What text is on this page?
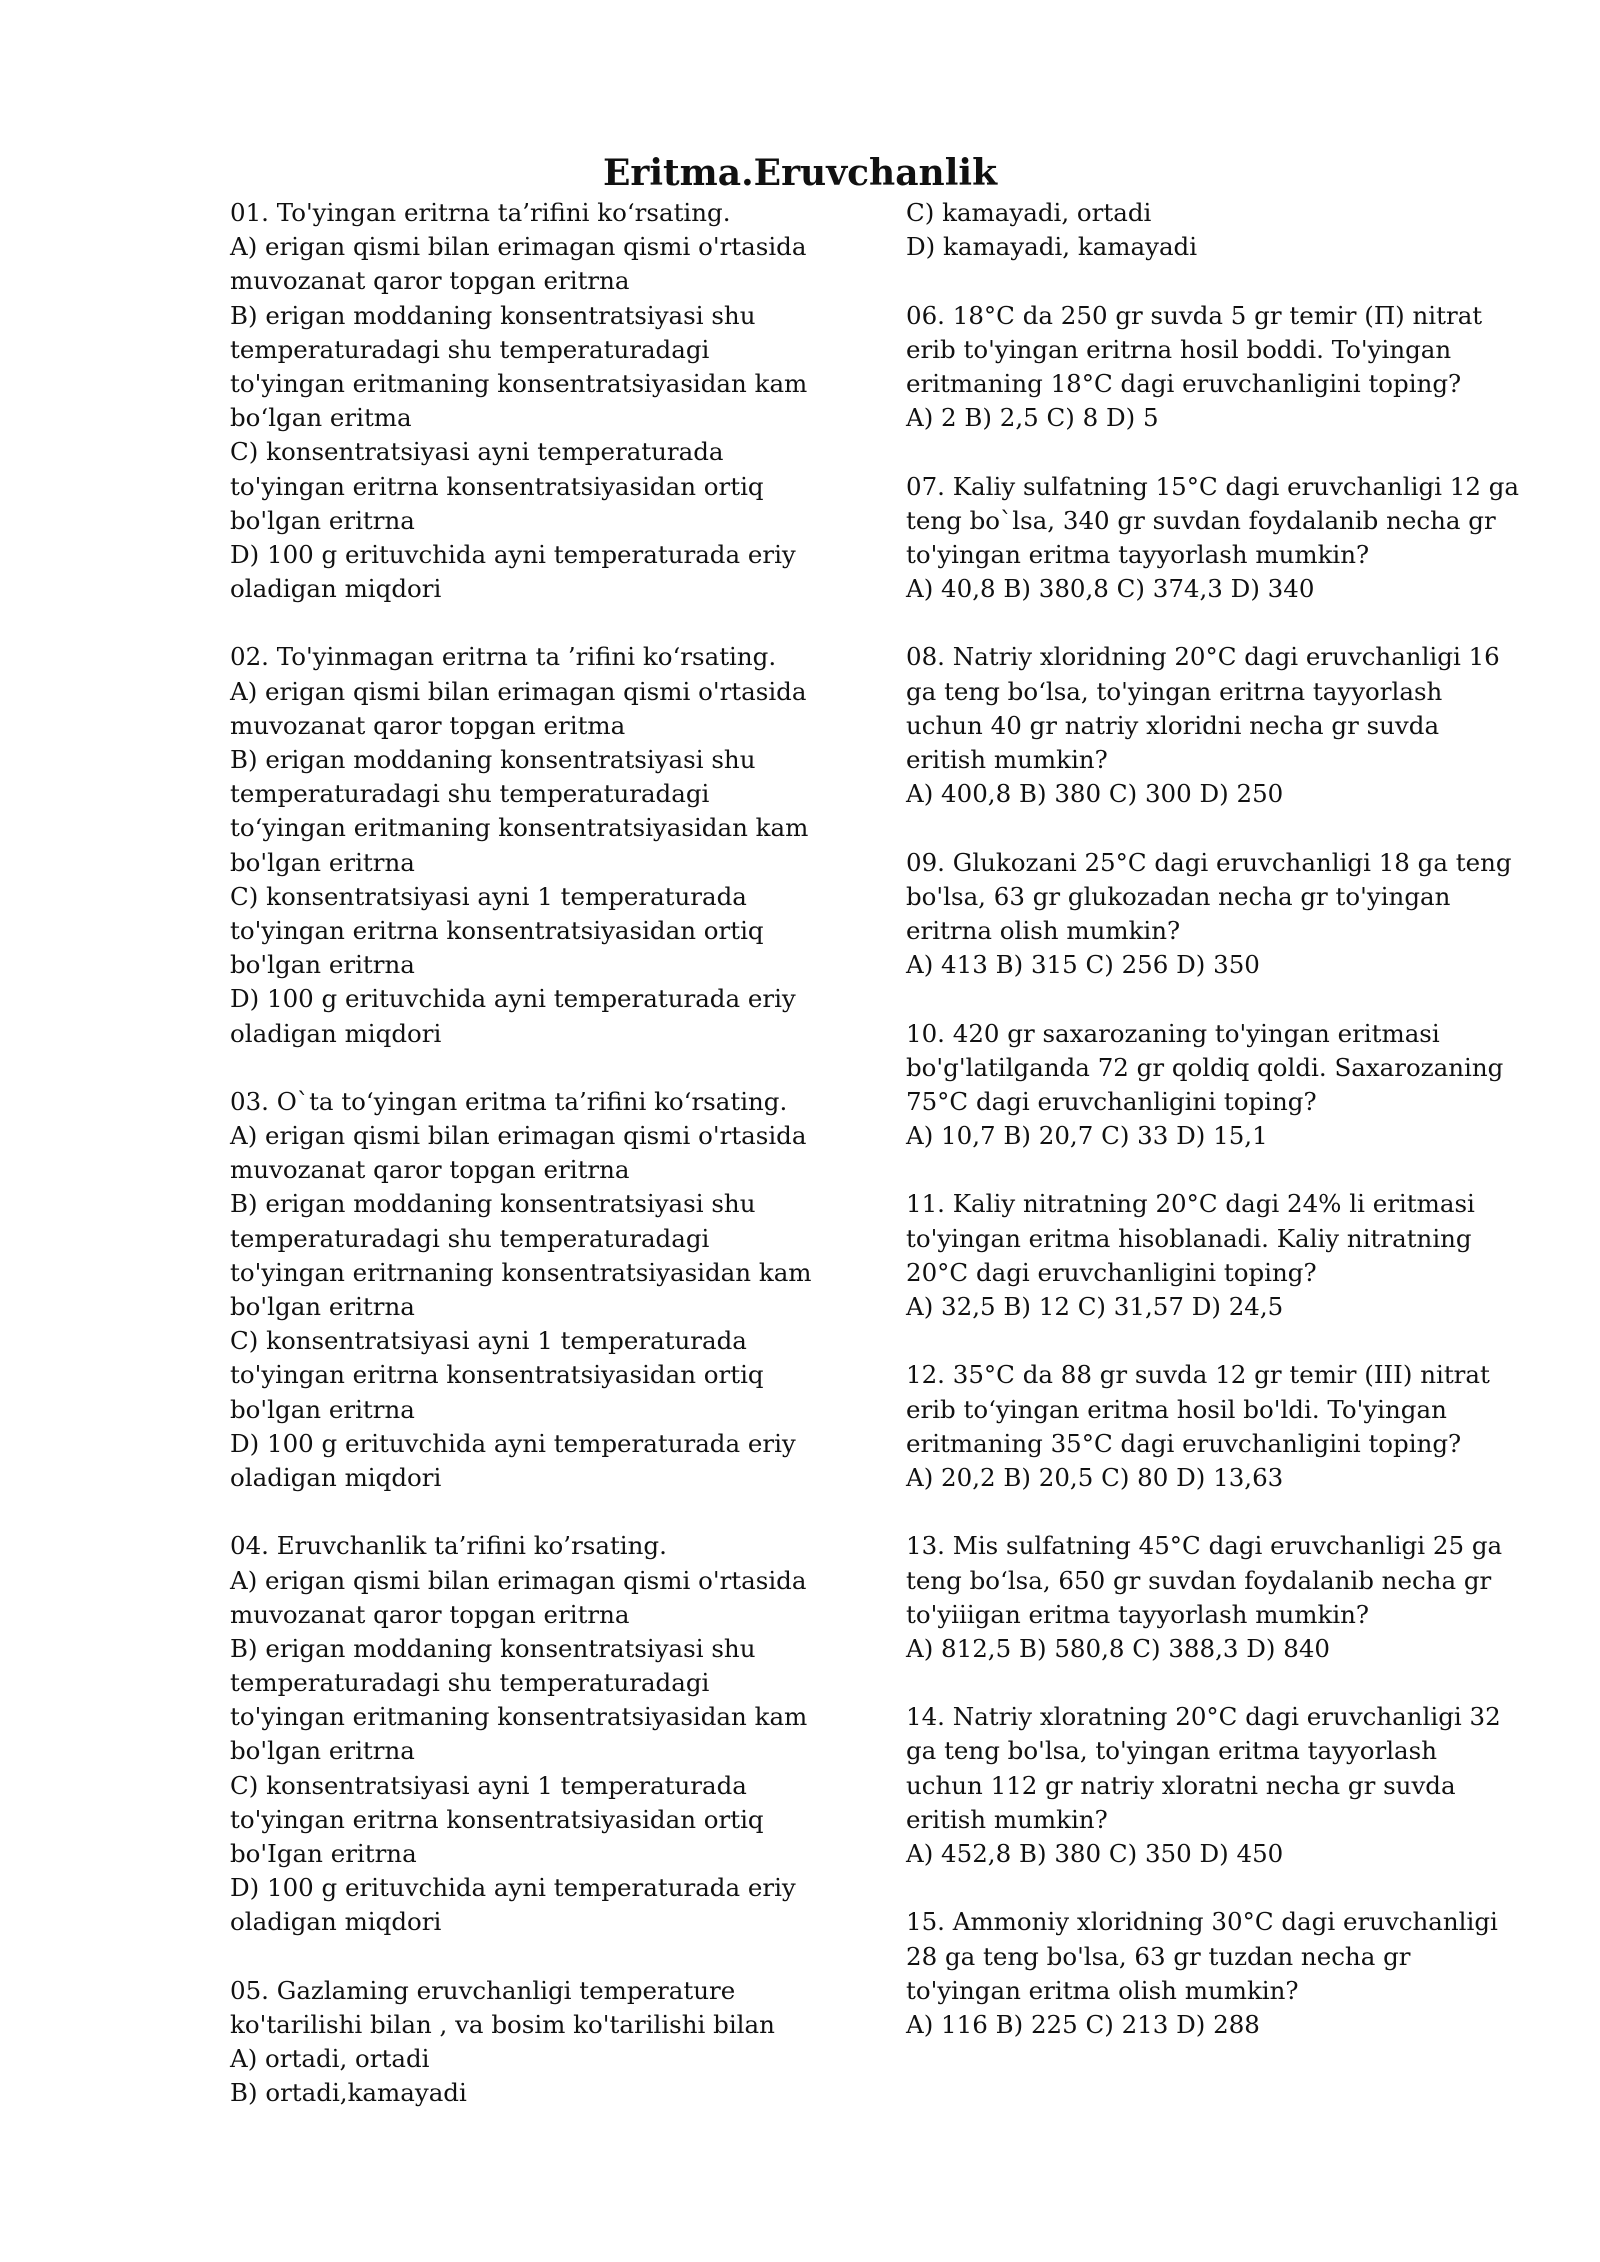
Eritma.Eruvchanlik
01. To'yingan eritrna ta’rifini ko‘rsating.
A) erigan qismi bilan erimagan qismi o'rtasida
muvozanat qaror topgan eritrna
B) erigan moddaning konsentratsiyasi shu
temperaturadagi shu temperaturadagi
to'yingan eritmaning konsentratsiyasidan kam
bo‘lgan eritma
C) konsentratsiyasi ayni temperaturada
to'yingan eritrna konsentratsiyasidan ortiq
bo'lgan eritrna
D) 100 g erituvchida ayni temperaturada eriy
oladigan miqdori
02. To'yinmagan eritrna ta ’rifini ko‘rsating.
A) erigan qismi bilan erimagan qismi o'rtasida
muvozanat qaror topgan eritma
B) erigan moddaning konsentratsiyasi shu
temperaturadagi shu temperaturadagi
to‘yingan eritmaning konsentratsiyasidan kam
bo'lgan eritrna
C) konsentratsiyasi ayni 1 temperaturada
to'yingan eritrna konsentratsiyasidan ortiq
bo'lgan eritrna
D) 100 g erituvchida ayni temperaturada eriy
oladigan miqdori
03. O`ta to‘yingan eritma ta’rifini ko‘rsating.
A) erigan qismi bilan erimagan qismi o'rtasida
muvozanat qaror topgan eritrna
B) erigan moddaning konsentratsiyasi shu
temperaturadagi shu temperaturadagi
to'yingan eritrnaning konsentratsiyasidan kam
bo'lgan eritrna
C) konsentratsiyasi ayni 1 temperaturada
to'yingan eritrna konsentratsiyasidan ortiq
bo'lgan eritrna
D) 100 g erituvchida ayni temperaturada eriy
oladigan miqdori
04. Eruvchanlik ta’rifini ko’rsating.
A) erigan qismi bilan erimagan qismi o'rtasida
muvozanat qaror topgan eritrna
B) erigan moddaning konsentratsiyasi shu
temperaturadagi shu temperaturadagi
to'yingan eritmaning konsentratsiyasidan kam
bo'lgan eritrna
C) konsentratsiyasi ayni 1 temperaturada
to'yingan eritrna konsentratsiyasidan ortiq
bo'Igan eritrna
D) 100 g erituvchida ayni temperaturada eriy
oladigan miqdori
05. Gazlaming eruvchanligi temperature
ko'tarilishi bilan , va bosim ko'tarilishi bilan
A) ortadi, ortadi
B) ortadi,kamayadi
C) kamayadi, ortadi
D) kamayadi, kamayadi
06. 18°C da 250 gr suvda 5 gr temir (Π) nitrat
erib to'yingan eritrna hosil boddi. To'yingan
eritmaning 18°C dagi eruvchanligini toping?
A) 2 B) 2,5 C) 8 D) 5
07. Kaliy sulfatning 15°C dagi eruvchanligi 12 ga
teng bo`lsa, 340 gr suvdan foydalanib necha gr
to'yingan eritma tayyorlash mumkin?
A) 40,8 B) 380,8 C) 374,3 D) 340
08. Natriy xloridning 20°C dagi eruvchanligi 16
ga teng bo‘lsa, to'yingan eritrna tayyorlash
uchun 40 gr natriy xloridni necha gr suvda
eritish mumkin?
A) 400,8 B) 380 C) 300 D) 250
09. Glukozani 25°C dagi eruvchanligi 18 ga teng
bo'lsa, 63 gr glukozadan necha gr to'yingan
eritrna olish mumkin?
A) 413 B) 315 C) 256 D) 350
10. 420 gr saxarozaning to'yingan eritmasi
bo'g'latilganda 72 gr qoldiq qoldi. Saxarozaning
75°C dagi eruvchanligini toping?
A) 10,7 B) 20,7 C) 33 D) 15,1
11. Kaliy nitratning 20°C dagi 24% li eritmasi
to'yingan eritma hisoblanadi. Kaliy nitratning
20°C dagi eruvchanligini toping?
A) 32,5 B) 12 C) 31,57 D) 24,5
12. 35°C da 88 gr suvda 12 gr temir (III) nitrat
erib to‘yingan eritma hosil bo'ldi. To'yingan
eritmaning 35°C dagi eruvchanligini toping?
A) 20,2 B) 20,5 C) 80 D) 13,63
13. Mis sulfatning 45°C dagi eruvchanligi 25 ga
teng bo‘lsa, 650 gr suvdan foydalanib necha gr
to'yiiigan eritma tayyorlash mumkin?
A) 812,5 B) 580,8 C) 388,3 D) 840
14. Natriy xloratning 20°C dagi eruvchanligi 32
ga teng bo'lsa, to'yingan eritma tayyorlash
uchun 112 gr natriy xloratni necha gr suvda
eritish mumkin?
A) 452,8 B) 380 C) 350 D) 450
15. Ammoniy xloridning 30°C dagi eruvchanligi
28 ga teng bo'lsa, 63 gr tuzdan necha gr
to'yingan eritma olish mumkin?
A) 116 B) 225 C) 213 D) 288
